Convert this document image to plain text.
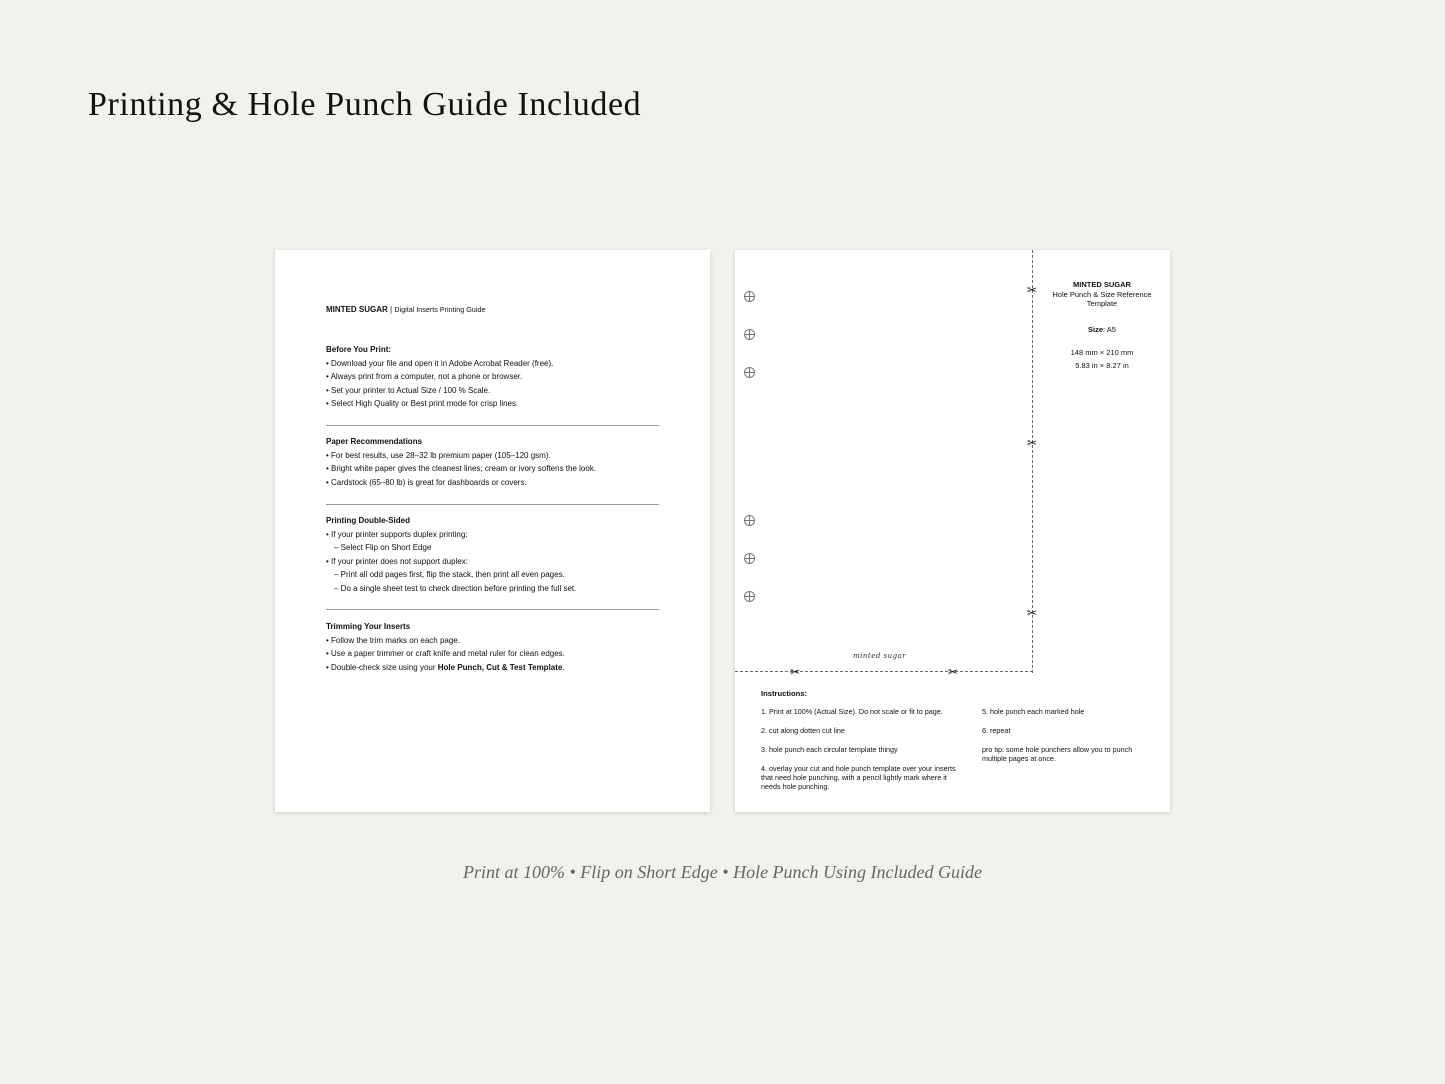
Printing & Hole Punch Guide Included
MINTED SUGAR | Digital Inserts Printing Guide
Before You Print:
• Download your file and open it in Adobe Acrobat Reader (free).
• Always print from a computer, not a phone or browser.
• Set your printer to Actual Size / 100 % Scale.
• Select High Quality or Best print mode for crisp lines.
Paper Recommendations
• For best results, use 28–32 lb premium paper (105–120 gsm).
• Bright white paper gives the cleanest lines; cream or ivory softens the look.
• Cardstock (65–80 lb) is great for dashboards or covers.
Printing Double-Sided
• If your printer supports duplex printing:
– Select Flip on Short Edge
• If your printer does not support duplex:
– Print all odd pages first, flip the stack, then print all even pages.
– Do a single sheet test to check direction before printing the full set.
Trimming Your Inserts
• Follow the trim marks on each page.
• Use a paper trimmer or craft knife and metal ruler for clean edges.
• Double-check size using your Hole Punch, Cut & Test Template.
✂
✂
✂
✂	✂
MINTED SUGAR
Hole Punch & Size Reference Template
Size: A5
148 mm × 210 mm
5.83 in × 8.27 in
minted sugar
Instructions:
1. Print at 100% (Actual Size). Do not scale or fit to page.
2. cut along dotten cut line
3. hole punch each circular template thingy
4. overlay your cut and hole punch template over your inserts that need hole punching, with a pencil lightly mark where it needs hole punching.
5. hole punch each marked hole
6. repeat
pro tip: some hole punchers allow you to punch multiple pages at once.
Print at 100% • Flip on Short Edge • Hole Punch Using Included Guide
